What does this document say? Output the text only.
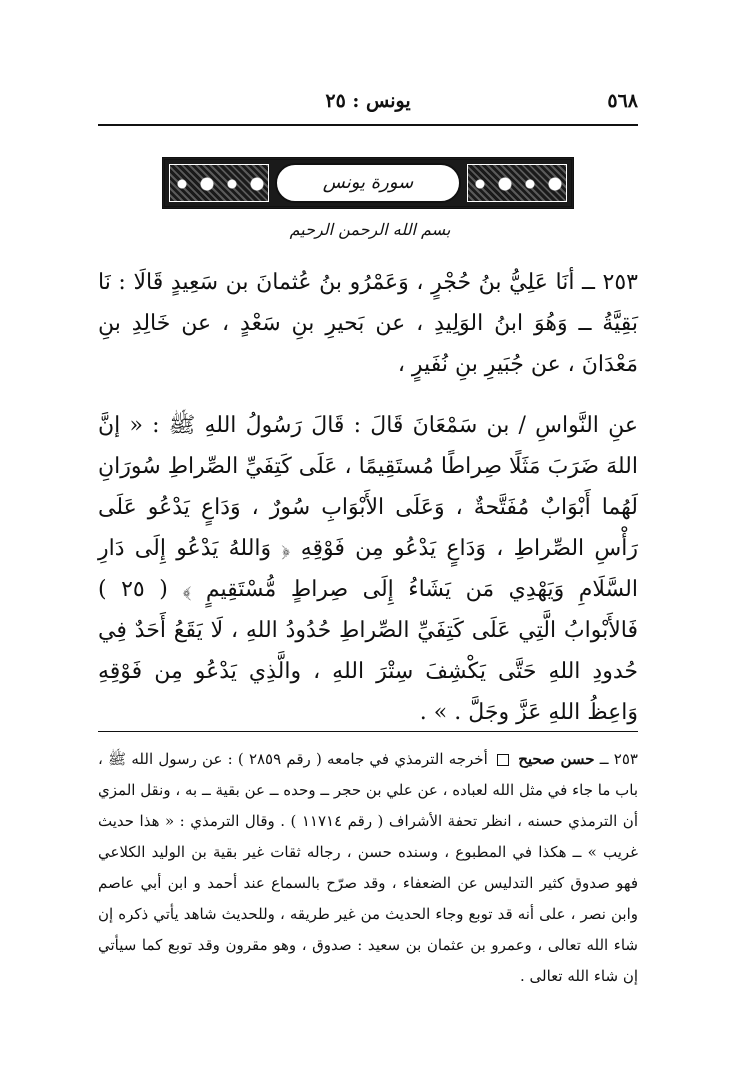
٥٦٨
يونس : ٢٥
سورة يونس
بسم الله الرحمن الرحيم
٢٥٣ ــ أنَا عَلِيُّ بنُ حُجْرٍ ، وَعَمْرُو بنُ عُثمانَ بن سَعِيدٍ قَالَا : نَا بَقِيَّةُ ــ وَهُوَ ابنُ الوَلِيدِ ، عن بَحيرِ بنِ سَعْدٍ ، عن خَالِدِ بنِ مَعْدَانَ ، عن جُبَيرِ بنِ نُفَيرٍ ،
عنِ النَّواسِ / بن سَمْعَانَ قَالَ : قَالَ رَسُولُ اللهِ ﷺ : « إنَّ اللهَ ضَرَبَ مَثَلًا صِراطًا مُستَقِيمًا ، عَلَى كَتِفَيِّ الصِّراطِ سُورَانِ لَهُما أَبْوَابٌ مُفَتَّحةٌ ، وَعَلَى الأَبْوَابِ سُورٌ ، وَدَاعٍ يَدْعُو عَلَى رَأْسِ الصِّراطِ ، وَدَاعٍ يَدْعُو مِن فَوْقِهِ ﴿ وَاللهُ يَدْعُو إِلَى دَارِ السَّلَامِ وَيَهْدِي مَن يَشَاءُ إِلَى صِراطٍ مُّسْتَقِيمٍ ﴾ ( ٢٥ ) فَالأَبْوابُ الَّتِي عَلَى كَتِفَيِّ الصِّراطِ حُدُودُ اللهِ ، لَا يَقَعُ أَحَدٌ فِي حُدودِ اللهِ حَتَّى يَكْشِفَ سِتْرَ اللهِ ، والَّذِي يَدْعُو مِن فَوْقِهِ وَاعِظُ اللهِ عَزَّ وجَلَّ . » .
٢٥٣ ــ حسن صحيح  أخرجه الترمذي في جامعه ( رقم ٢٨٥٩ ) : عن رسول الله ﷺ ، باب ما جاء في مثل الله لعباده ، عن علي بن حجر ــ وحده ــ عن بقية ــ به ، ونقل المزي أن الترمذي حسنه ، انظر تحفة الأشراف ( رقم ١١٧١٤ ) . وقال الترمذي : « هذا حديث غريب » ــ هكذا في المطبوع ، وسنده حسن ، رجاله ثقات غير بقية بن الوليد الكلاعي فهو صدوق كثير التدليس عن الضعفاء ، وقد صرّح بالسماع عند أحمد و ابن أبي عاصم وابن نصر ، على أنه قد توبع وجاء الحديث من غير طريقه ، وللحديث شاهد يأتي ذكره إن شاء الله تعالى ، وعمرو بن عثمان بن سعيد : صدوق ، وهو مقرون وقد توبع كما سيأتي إن شاء الله تعالى .
